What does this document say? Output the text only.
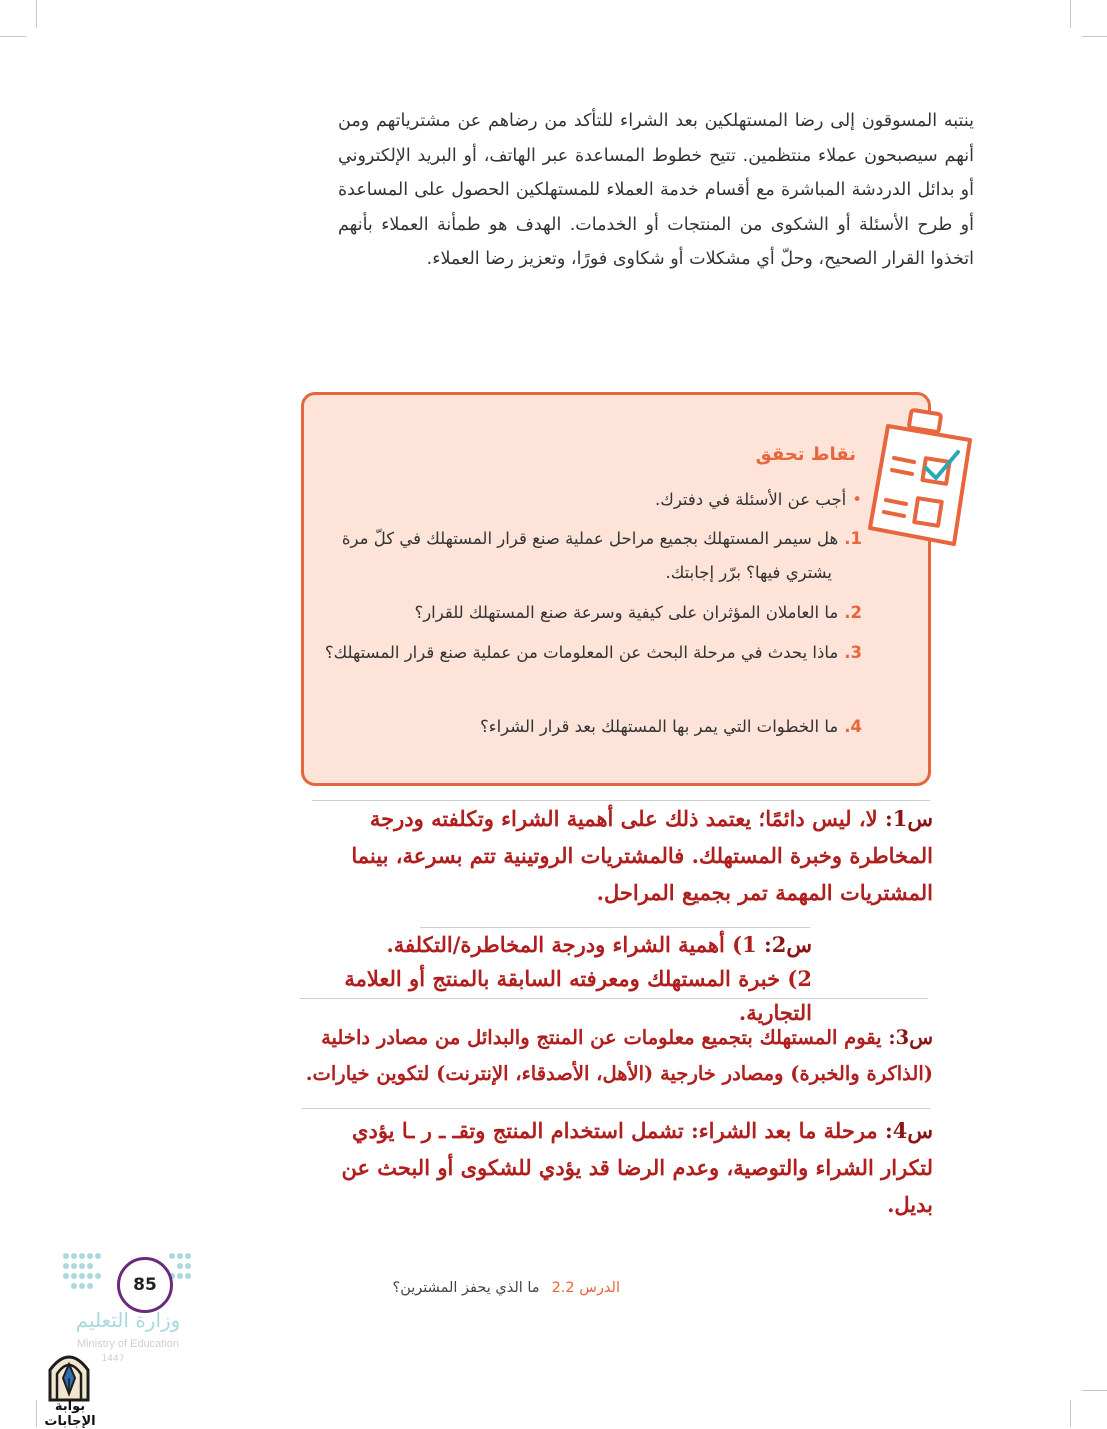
ينتبه المسوقون إلى رضا المستهلكين بعد الشراء للتأكد من رضاهم عن مشترياتهم ومن أنهم سيصبحون عملاء منتظمين. تتيح خطوط المساعدة عبر الهاتف، أو البريد الإلكتروني أو بدائل الدردشة المباشرة مع أقسام خدمة العملاء للمستهلكين الحصول على المساعدة أو طرح الأسئلة أو الشكوى من المنتجات أو الخدمات. الهدف هو طمأنة العملاء بأنهم اتخذوا القرار الصحيح، وحلّ أي مشكلات أو شكاوى فورًا، وتعزيز رضا العملاء.

نقاط تحقق
•أجب عن الأسئلة في دفترك.
1.هل سيمر المستهلك بجميع مراحل عملية صنع قرار المستهلك في كلّ مرة يشتري فيها؟ برّر إجابتك.
2.ما العاملان المؤثران على كيفية وسرعة صنع المستهلك للقرار؟
3.ماذا يحدث في مرحلة البحث عن المعلومات من عملية صنع قرار المستهلك؟
4.ما الخطوات التي يمر بها المستهلك بعد قرار الشراء؟
س1: لا، ليس دائمًا؛ يعتمد ذلك على أهمية الشراء وتكلفته ودرجة المخاطرة وخبرة المستهلك. فالمشتريات الروتينية تتم بسرعة، بينما المشتريات المهمة تمر بجميع المراحل.
س2: 1) أهمية الشراء ودرجة المخاطرة/التكلفة.
2) خبرة المستهلك ومعرفته السابقة بالمنتج أو العلامة التجارية.
س3: يقوم المستهلك بتجميع معلومات عن المنتج والبدائل من مصادر داخلية (الذاكرة والخبرة) ومصادر خارجية (الأهل، الأصدقاء، الإنترنت) لتكوين خيارات.
س4: مرحلة ما بعد الشراء: تشمل استخدام المنتج وتقـ ـ ر ـا يؤدي لتكرار الشراء والتوصية، وعدم الرضا قد يؤدي للشكوى أو البحث عن بديل.
الدرس 2.2ما الذي يحفز المشترين؟
85
وزارة التعليم
Ministry of Education
1447
بوابة الإجابات
